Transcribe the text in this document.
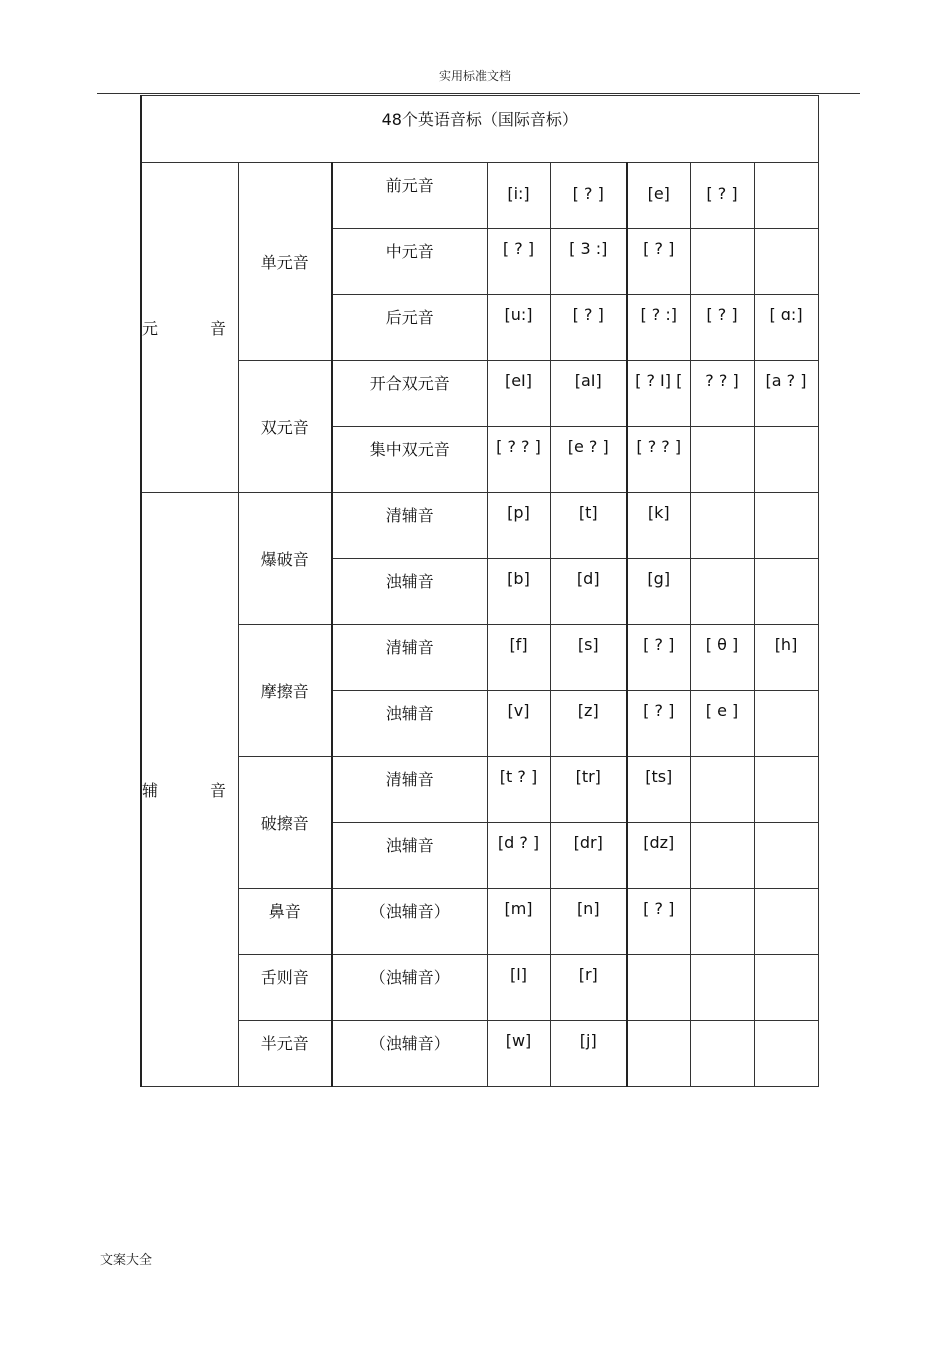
实用标准文档
48个英语音标（国际音标）							

元 音	单元音	前元音	[i:]	[ ? ]	[e]	[ ? ]	
		中元音	[ ? ]	[ 3 :]	[ ? ]		
		后元音	[u:]	[ ? ]	[ ? :]	[ ? ]	[ ɑ:]
	双元音	开合双元音	[eI]	[aI]	[ ? I] [	? ? ]	[a ? ]
		集中双元音	[ ? ? ]	[e ? ]	[ ? ? ]		

辅 音	爆破音	清辅音	[p]	[t]	[k]		
		浊辅音	[b]	[d]	[g]		
	摩擦音	清辅音	[f]	[s]	[ ? ]	[ θ ]	[h]
		浊辅音	[v]	[z]	[ ? ]	[ e ]	
	破擦音	清辅音	[t ? ]	[tr]	[ts]		
		浊辅音	[d ? ]	[dr]	[dz]		
	鼻音	（浊辅音）	[m]	[n]	[ ? ]		
	舌则音	（浊辅音）	[l]	[r]			
	半元音	（浊辅音）	[w]	[j]			
文案大全
